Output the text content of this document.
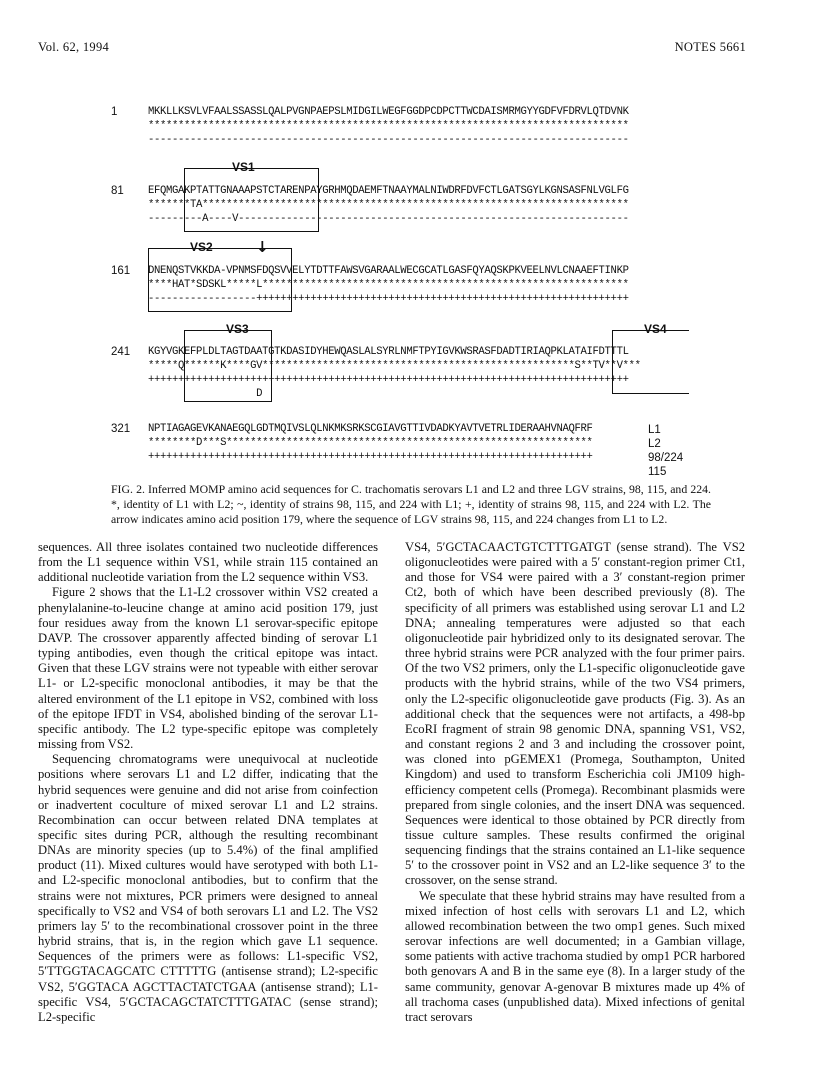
Vol. 62, 1994	NOTES 5661
1	MKKLLKSVLVFAALSSASSLQALPVGNPAEPSLMIDGILWEGFGGDPCDPCTTWCDAISMRMGYYGDFVFDRVLQTDVNK
********************************************************************************
--------------------------------------------------------------------------------
VS1
81 EFQMGAKPTATTGNAAAPSTCTARENPAYGRHMQDAEMFTNAAYMALNIWDRFDVFCTLGATSGYLKGNSASFNLVGLFG
*******TA***********************************************************************
---------A----V-----------------------------------------------------------------
VS2	↓
161 DNENQSTVKKDA-VPNMSFDQSVVELYTDTTFAWSVGARAALWECGCATLGASFQYAQSKPKVEELNVLCNAAEFTINKP
****HAT*SDSKL*****L*************************************************************
------------------++++++++++++++++++++++++++++++++++++++++++++++++++++++++++++++
VS3	VS4
241 KGYVGKEFPLDLTAGTDAATGTKDASIDYHEWQASLALSYRLNMFTPYIGVKWSRASFDADTIRIAQPKLATAIFDTTTL
*****Q******K****GV****************************************************S**TV**V***
++++++++++++++++++++++++++++++++++++++++++++++++++++++++++++++++++++++++++++++++
D
321 NPTIAGAGEVKANAEGQLGDTMQIVSLQLNKMKSRKSCGIAVGTTIVDADKYAVTVETRLIDERAAHVNAQFRF
********D***S*************************************************************
++++++++++++++++++++++++++++++++++++++++++++++++++++++++++++++++++++++++++
L1
L2
98/224
115
FIG. 2. Inferred MOMP amino acid sequences for C. trachomatis serovars L1 and L2 and three LGV strains, 98, 115, and 224. *, identity of L1 with L2; ~, identity of strains 98, 115, and 224 with L1; +, identity of strains 98, 115, and 224 with L2. The arrow indicates amino acid position 179, where the sequence of LGV strains 98, 115, and 224 changes from L1 to L2.

sequences. All three isolates contained two nucleotide differences from the L1 sequence within VS1, while strain 115 contained an additional nucleotide variation from the L2 sequence within VS3.

Figure 2 shows that the L1-L2 crossover within VS2 created a phenylalanine-to-leucine change at amino acid position 179, just four residues away from the known L1 serovar-specific epitope DAVP. The crossover apparently affected binding of serovar L1 typing antibodies, even though the critical epitope was intact. Given that these LGV strains were not typeable with either serovar L1- or L2-specific monoclonal antibodies, it may be that the altered environment of the L1 epitope in VS2, combined with loss of the epitope IFDT in VS4, abolished binding of the serovar L1-specific antibody. The L2 type-specific epitope was completely missing from VS2.

Sequencing chromatograms were unequivocal at nucleotide positions where serovars L1 and L2 differ, indicating that the hybrid sequences were genuine and did not arise from coinfection or inadvertent coculture of mixed serovar L1 and L2 strains. Recombination can occur between related DNA templates at specific sites during PCR, although the resulting recombinant DNAs are minority species (up to 5.4%) of the final amplified product (11). Mixed cultures would have serotyped with both L1- and L2-specific monoclonal antibodies, but to confirm that the strains were not mixtures, PCR primers were designed to anneal specifically to VS2 and VS4 of both serovars L1 and L2. The VS2 primers lay 5′ to the recombinational crossover point in the three hybrid strains, that is, in the region which gave L1 sequence. Sequences of the primers were as follows: L1-specific VS2, 5′TTGGTACAGCATC CTTTTTG (antisense strand); L2-specific VS2, 5′GGTACA AGCTTACTATCTGAA (antisense strand); L1-specific VS4, 5′GCTACAGCTATCTTTGATAC (sense strand); L2-specific

VS4, 5′GCTACAACTGTCTTTGATGT (sense strand). The VS2 oligonucleotides were paired with a 5′ constant-region primer Ct1, and those for VS4 were paired with a 3′ constant-region primer Ct2, both of which have been described previously (8). The specificity of all primers was established using serovar L1 and L2 DNA; annealing temperatures were adjusted so that each oligonucleotide pair hybridized only to its designated serovar. The three hybrid strains were PCR analyzed with the four primer pairs. Of the two VS2 primers, only the L1-specific oligonucleotide gave products with the hybrid strains, while of the two VS4 primers, only the L2-specific oligonucleotide gave products (Fig. 3). As an additional check that the sequences were not artifacts, a 498-bp EcoRI fragment of strain 98 genomic DNA, spanning VS1, VS2, and constant regions 2 and 3 and including the crossover point, was cloned into pGEMEX1 (Promega, Southampton, United Kingdom) and used to transform Escherichia coli JM109 high-efficiency competent cells (Promega). Recombinant plasmids were prepared from single colonies, and the insert DNA was sequenced. Sequences were identical to those obtained by PCR directly from tissue culture samples. These results confirmed the original sequencing findings that the strains contained an L1-like sequence 5′ to the crossover point in VS2 and an L2-like sequence 3′ to the crossover, on the sense strand.

We speculate that these hybrid strains may have resulted from a mixed infection of host cells with serovars L1 and L2, which allowed recombination between the two omp1 genes. Such mixed serovar infections are well documented; in a Gambian village, some patients with active trachoma studied by omp1 PCR harbored both genovars A and B in the same eye (8). In a larger study of the same community, genovar A-genovar B mixtures made up 4% of all trachoma cases (unpublished data). Mixed infections of genital tract serovars
